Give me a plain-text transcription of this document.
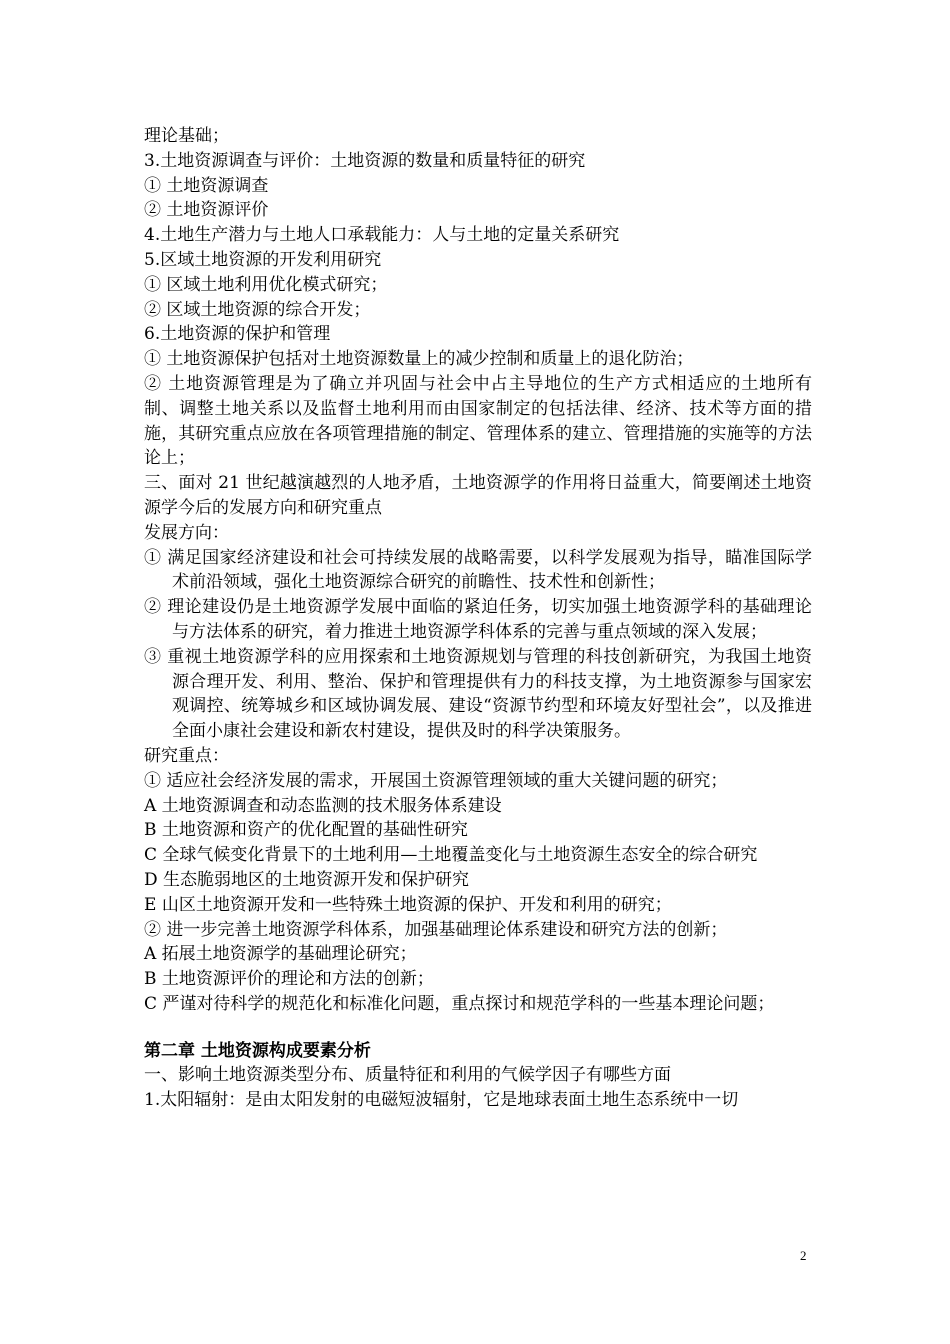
理论基础；
3.土地资源调查与评价：土地资源的数量和质量特征的研究
① 土地资源调查
② 土地资源评价
4.土地生产潜力与土地人口承载能力：人与土地的定量关系研究
5.区域土地资源的开发利用研究
① 区域土地利用优化模式研究；
② 区域土地资源的综合开发；
6.土地资源的保护和管理
① 土地资源保护包括对土地资源数量上的减少控制和质量上的退化防治；
② 土地资源管理是为了确立并巩固与社会中占主导地位的生产方式相适应的土地所有制、调整土地关系以及监督土地利用而由国家制定的包括法律、经济、技术等方面的措施，其研究重点应放在各项管理措施的制定、管理体系的建立、管理措施的实施等的方法论上；
三、面对 21 世纪越演越烈的人地矛盾，土地资源学的作用将日益重大，简要阐述土地资源学今后的发展方向和研究重点
发展方向：
① 满足国家经济建设和社会可持续发展的战略需要，以科学发展观为指导，瞄准国际学术前沿领域，强化土地资源综合研究的前瞻性、技术性和创新性；
② 理论建设仍是土地资源学发展中面临的紧迫任务，切实加强土地资源学科的基础理论与方法体系的研究，着力推进土地资源学科体系的完善与重点领域的深入发展；
③ 重视土地资源学科的应用探索和土地资源规划与管理的科技创新研究，为我国土地资源合理开发、利用、整治、保护和管理提供有力的科技支撑，为土地资源参与国家宏观调控、统筹城乡和区域协调发展、建设“资源节约型和环境友好型社会”，以及推进全面小康社会建设和新农村建设，提供及时的科学决策服务。
研究重点：
① 适应社会经济发展的需求，开展国土资源管理领域的重大关键问题的研究；
A 土地资源调查和动态监测的技术服务体系建设
B 土地资源和资产的优化配置的基础性研究
C 全球气候变化背景下的土地利用—土地覆盖变化与土地资源生态安全的综合研究
D 生态脆弱地区的土地资源开发和保护研究
E 山区土地资源开发和一些特殊土地资源的保护、开发和利用的研究；
② 进一步完善土地资源学科体系，加强基础理论体系建设和研究方法的创新；
A 拓展土地资源学的基础理论研究；
B 土地资源评价的理论和方法的创新；
C 严谨对待科学的规范化和标准化问题，重点探讨和规范学科的一些基本理论问题；
第二章 土地资源构成要素分析
一、影响土地资源类型分布、质量特征和利用的气候学因子有哪些方面
1.太阳辐射：是由太阳发射的电磁短波辐射，它是地球表面土地生态系统中一切
2
